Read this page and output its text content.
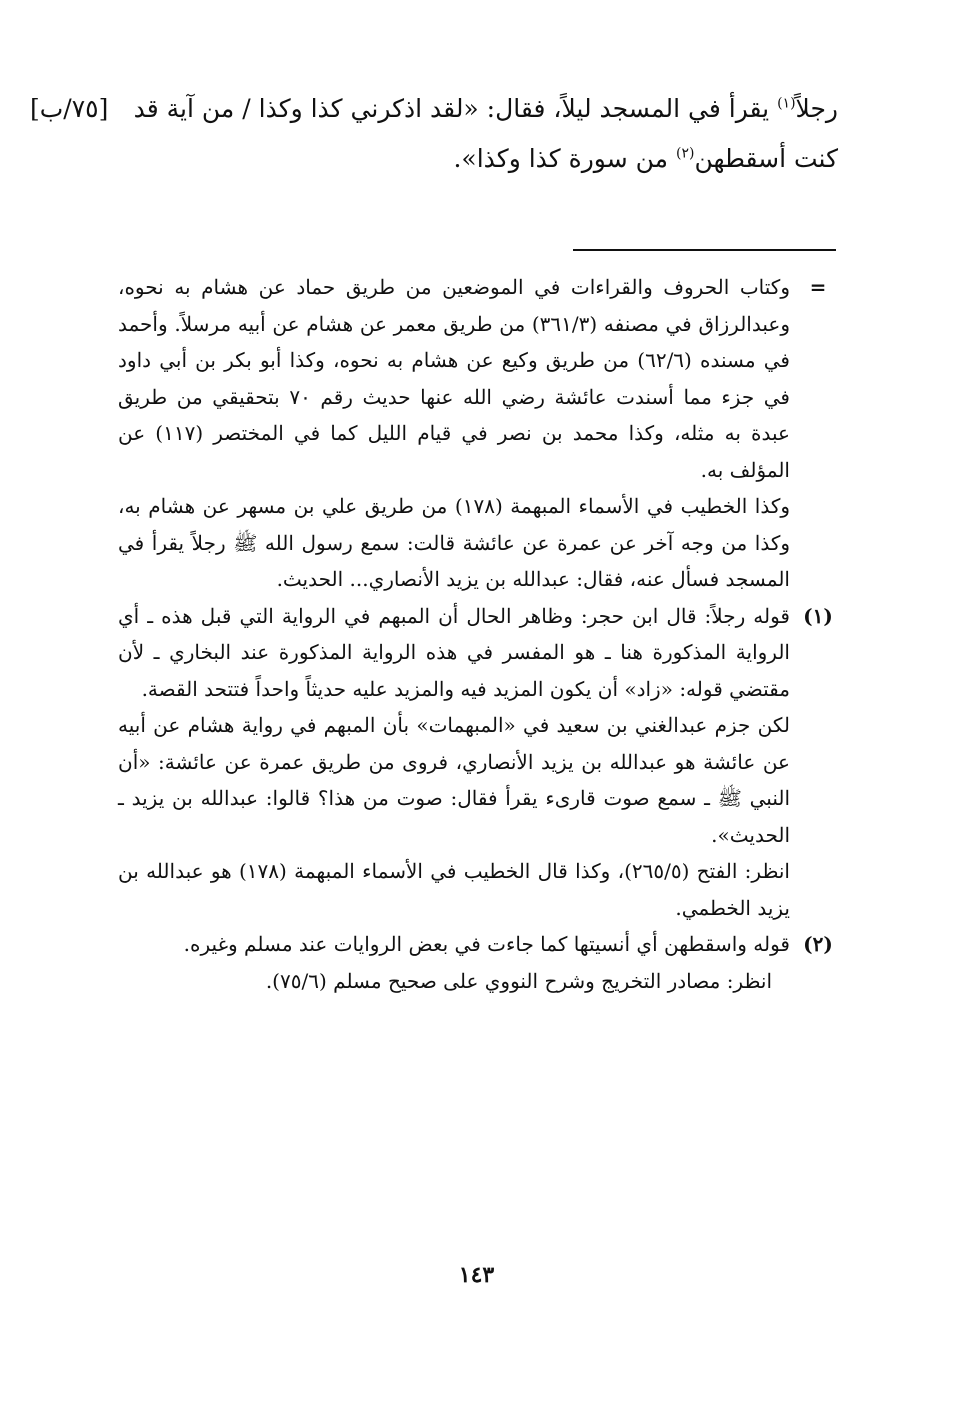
رجلاً$^{(١)}$ يقرأ في المسجد ليلاً، فقال: «لقد اذكرني كذا وكذا / من آية قد
[٧٥/ب]
كنت أسقطهن$^{(٢)}$ من سورة كذا وكذا».
=

وكتاب الحروف والقراءات في الموضعين من طريق حماد عن هشام به نحوه، وعبدالرزاق في مصنفه (٣٦١/٣) من طريق معمر عن هشام عن أبيه مرسلاً. وأحمد في مسنده (٦٢/٦) من طريق وكيع عن هشام به نحوه، وكذا أبو بكر بن أبي داود في جزء مما أسندت عائشة رضي الله عنها حديث رقم ٧٠ بتحقيقي من طريق عبدة به مثله، وكذا محمد بن نصر في قيام الليل كما في المختصر (١١٧) عن المؤلف به.

وكذا الخطيب في الأسماء المبهمة (١٧٨) من طريق علي بن مسهر عن هشام به، وكذا من وجه آخر عن عمرة عن عائشة قالت: سمع رسول الله ﷺ رجلاً يقرأ في المسجد فسأل عنه، فقال: عبدالله بن يزيد الأنصاري... الحديث.

(١)

قوله رجلاً: قال ابن حجر: وظاهر الحال أن المبهم في الرواية التي قبل هذه ـ أي الرواية المذكورة هنا ـ هو المفسر في هذه الرواية المذكورة عند البخاري ـ لأن مقتضي قوله: «زاد» أن يكون المزيد فيه والمزيد عليه حديثاً واحداً فتتحد القصة.

لكن جزم عبدالغني بن سعيد في «المبهمات» بأن المبهم في رواية هشام عن أبيه عن عائشة هو عبدالله بن يزيد الأنصاري، فروى من طريق عمرة عن عائشة: «أن النبي ﷺ ـ سمع صوت قارىء يقرأ فقال: صوت من هذا؟ قالوا: عبدالله بن يزيد ـ الحديث».

انظر: الفتح (٢٦٥/٥)، وكذا قال الخطيب في الأسماء المبهمة (١٧٨) هو عبدالله بن يزيد الخطمي.

(٢)

قوله واسقطهن أي أنسيتها كما جاءت في بعض الروايات عند مسلم وغيره.

انظر: مصادر التخريج وشرح النووي على صحيح مسلم (٧٥/٦).

١٤٣
